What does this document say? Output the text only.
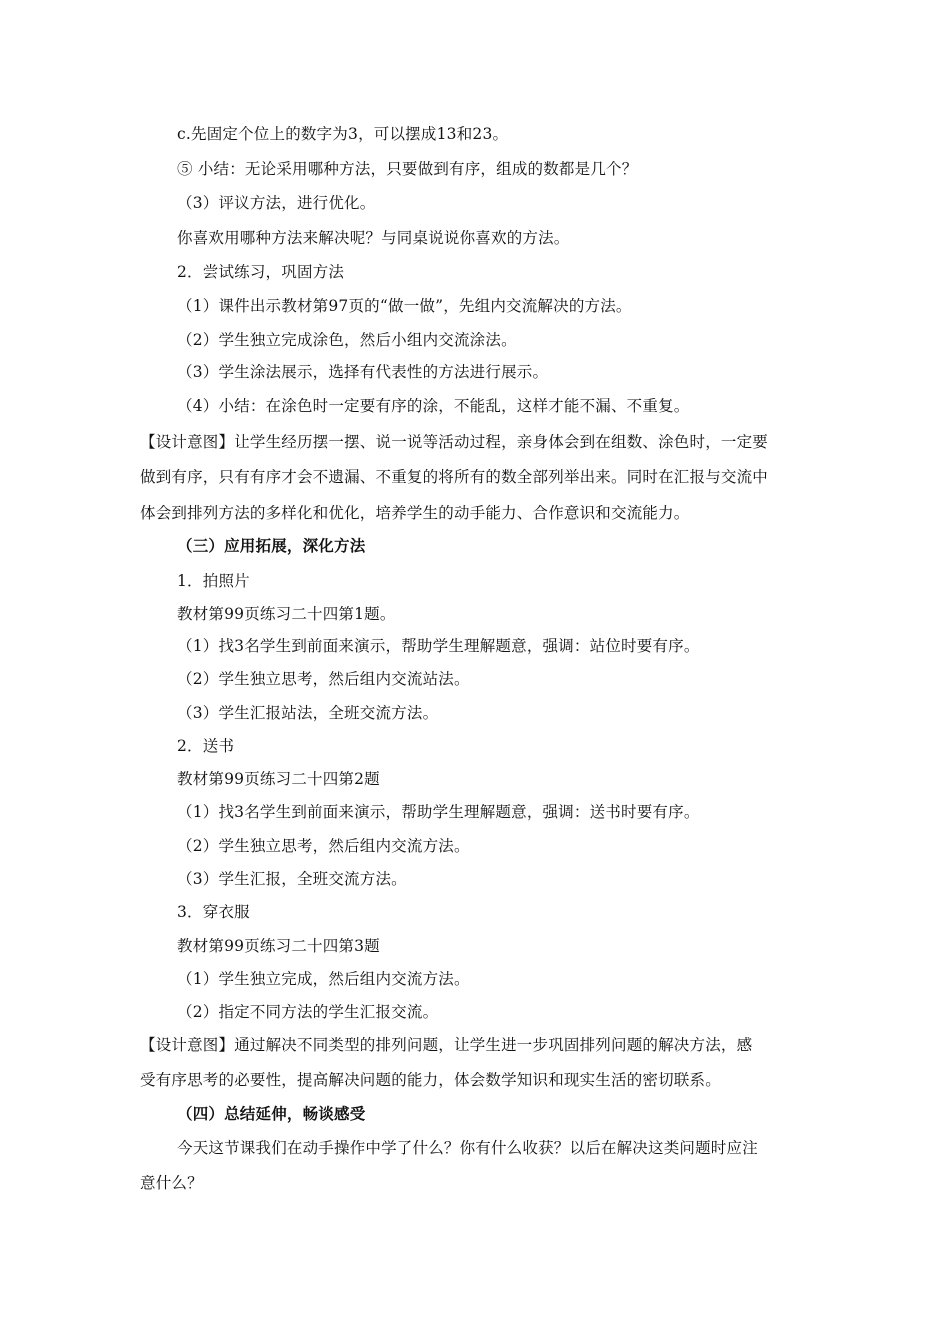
c.先固定个位上的数字为3，可以摆成13和23。
⑤ 小结：无论采用哪种方法，只要做到有序，组成的数都是几个？
（3）评议方法，进行优化。
你喜欢用哪种方法来解决呢？与同桌说说你喜欢的方法。
2．尝试练习，巩固方法
（1）课件出示教材第97页的“做一做”，先组内交流解决的方法。
（2）学生独立完成涂色，然后小组内交流涂法。
（3）学生涂法展示，选择有代表性的方法进行展示。
（4）小结：在涂色时一定要有序的涂，不能乱，这样才能不漏、不重复。
【设计意图】让学生经历摆一摆、说一说等活动过程，亲身体会到在组数、涂色时，一定要
做到有序，只有有序才会不遗漏、不重复的将所有的数全部列举出来。同时在汇报与交流中
体会到排列方法的多样化和优化，培养学生的动手能力、合作意识和交流能力。
（三）应用拓展，深化方法
1．拍照片
教材第99页练习二十四第1题。
（1）找3名学生到前面来演示，帮助学生理解题意，强调：站位时要有序。
（2）学生独立思考，然后组内交流站法。
（3）学生汇报站法，全班交流方法。
2．送书
教材第99页练习二十四第2题
（1）找3名学生到前面来演示，帮助学生理解题意，强调：送书时要有序。
（2）学生独立思考，然后组内交流方法。
（3）学生汇报，全班交流方法。
3．穿衣服
教材第99页练习二十四第3题
（1）学生独立完成，然后组内交流方法。
（2）指定不同方法的学生汇报交流。
【设计意图】通过解决不同类型的排列问题，让学生进一步巩固排列问题的解决方法，感
受有序思考的必要性，提高解决问题的能力，体会数学知识和现实生活的密切联系。
（四）总结延伸，畅谈感受
今天这节课我们在动手操作中学了什么？你有什么收获？以后在解决这类问题时应注
意什么？
